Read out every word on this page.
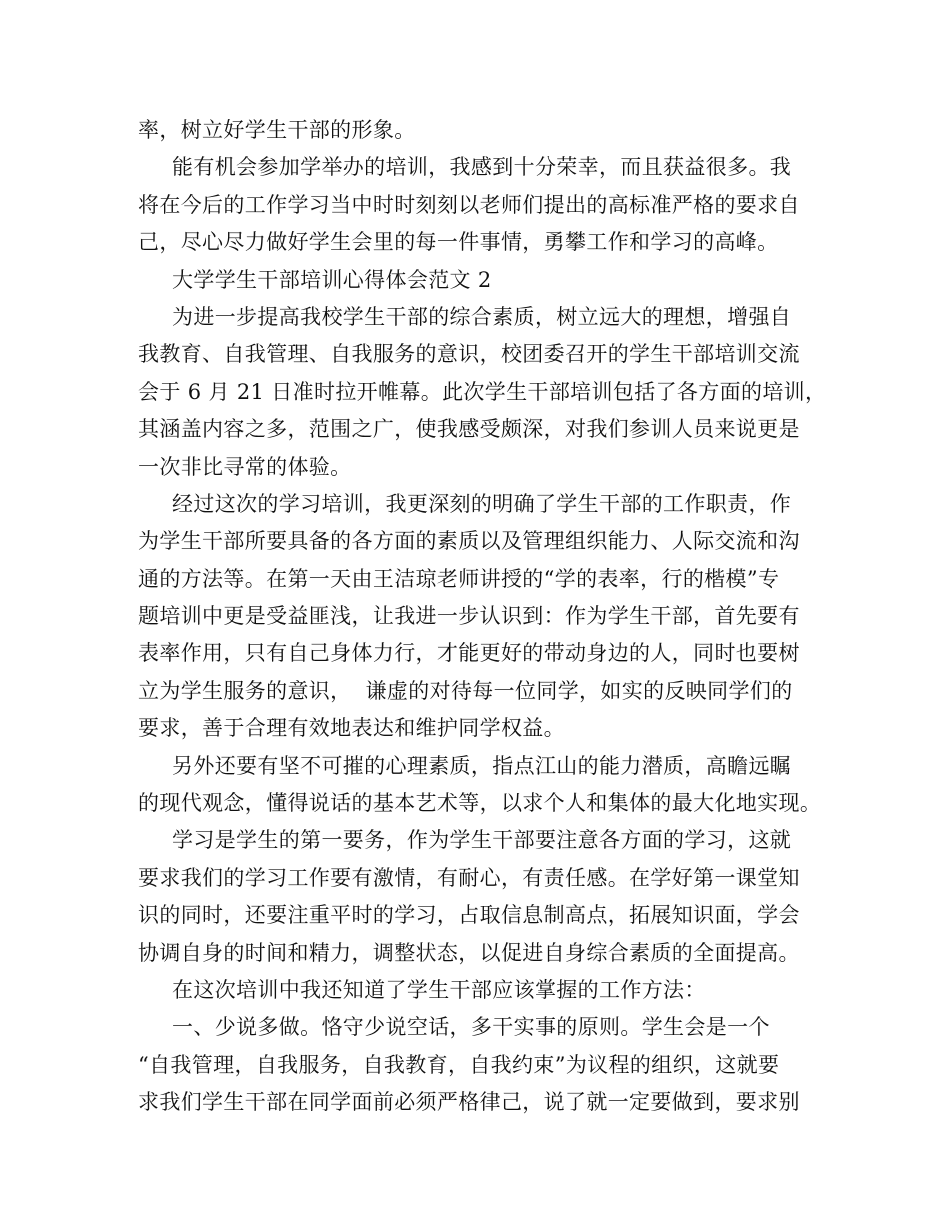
率，树立好学生干部的形象。
能有机会参加学举办的培训，我感到十分荣幸，而且获益很多。我
将在今后的工作学习当中时时刻刻以老师们提出的高标准严格的要求自
己，尽心尽力做好学生会里的每一件事情，勇攀工作和学习的高峰。
大学学生干部培训心得体会范文 2
为进一步提高我校学生干部的综合素质，树立远大的理想，增强自
我教育、自我管理、自我服务的意识，校团委召开的学生干部培训交流
会于 6 月 21 日准时拉开帷幕。此次学生干部培训包括了各方面的培训，
其涵盖内容之多，范围之广，使我感受颇深，对我们参训人员来说更是
一次非比寻常的体验。
经过这次的学习培训，我更深刻的明确了学生干部的工作职责，作
为学生干部所要具备的各方面的素质以及管理组织能力、人际交流和沟
通的方法等。在第一天由王洁琼老师讲授的“学的表率，行的楷模”专
题培训中更是受益匪浅，让我进一步认识到：作为学生干部，首先要有
表率作用，只有自己身体力行，才能更好的带动身边的人，同时也要树
立为学生服务的意识，  谦虚的对待每一位同学，如实的反映同学们的
要求，善于合理有效地表达和维护同学权益。
另外还要有坚不可摧的心理素质，指点江山的能力潜质，高瞻远瞩
的现代观念，懂得说话的基本艺术等，以求个人和集体的最大化地实现。
学习是学生的第一要务，作为学生干部要注意各方面的学习，这就
要求我们的学习工作要有激情，有耐心，有责任感。在学好第一课堂知
识的同时，还要注重平时的学习，占取信息制高点，拓展知识面，学会
协调自身的时间和精力，调整状态，以促进自身综合素质的全面提高。
在这次培训中我还知道了学生干部应该掌握的工作方法：
一、少说多做。恪守少说空话，多干实事的原则。学生会是一个
“自我管理，自我服务，自我教育，自我约束”为议程的组织，这就要
求我们学生干部在同学面前必须严格律己，说了就一定要做到，要求别
